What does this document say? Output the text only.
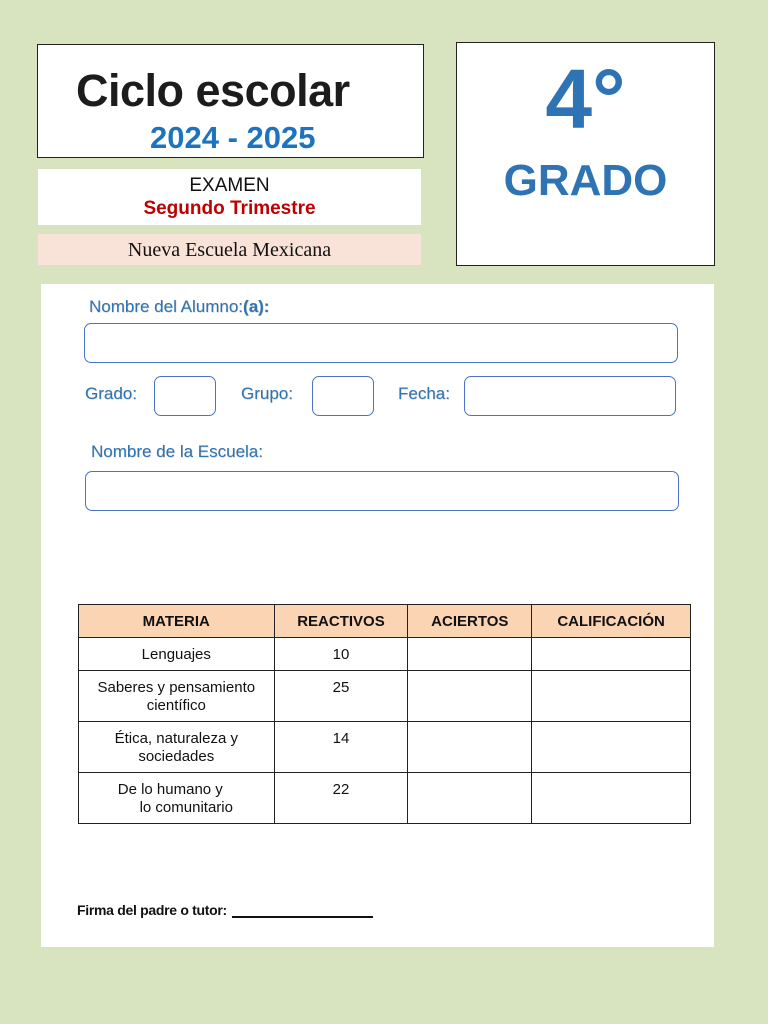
Ciclo escolar
2024 - 2025	4°
GRADO
EXAMEN
Segundo Trimestre
Nueva Escuela Mexicana
Nombre del Alumno:(a):
Grado:	Grupo:	Fecha:
Nombre de la Escuela:
MATERIA	REACTIVOS	ACIERTOS	CALIFICACIÓN

Lenguajes	10		

Saberes y pensamiento
científico	25		

Ética, naturaleza y
sociedades	14		

De lo humano y
lo comunitario	22		
Firma del padre o tutor:
